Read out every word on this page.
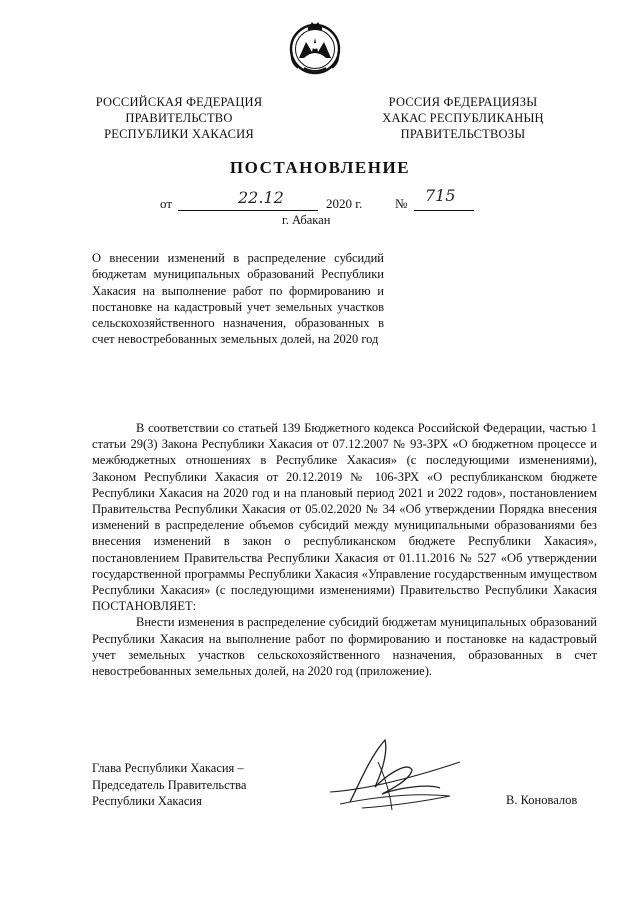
РОССИЙСКАЯ ФЕДЕРАЦИЯ
ПРАВИТЕЛЬСТВО
РЕСПУБЛИКИ ХАКАСИЯ
РОССИЯ ФЕДЕРАЦИЯЗЫ
ХАКАС РЕСПУБЛИКАНЫҢ
ПРАВИТЕЛЬСТВОЗЫ
ПОСТАНОВЛЕНИЕ
от	22.12	2020 г.	№ 715
г. Абакан
О внесении изменений в распределение субсидий бюджетам муниципальных образований Республики Хакасия на выполнение работ по формированию и постановке на кадастровый учет земельных участков сельскохозяйственного назначения, образованных в счет невостребованных земельных долей, на 2020 год

В соответствии со статьей 139 Бюджетного кодекса Российской Федерации, частью 1 статьи 29(3) Закона Республики Хакасия от 07.12.2007 № 93-ЗРХ «О бюджетном процессе и межбюджетных отношениях в Республике Хакасия» (с последующими изменениями), Законом Республики Хакасия от 20.12.2019 № 106-ЗРХ «О республиканском бюджете Республики Хакасия на 2020 год и на плановый период 2021 и 2022 годов», постановлением Правительства Республики Хакасия от 05.02.2020 № 34 «Об утверждении Порядка внесения изменений в распределение объемов субсидий между муниципальными образованиями без внесения изменений в закон о республиканском бюджете Республики Хакасия», постановлением Правительства Республики Хакасия от 01.11.2016 № 527 «Об утверждении государственной программы Республики Хакасия «Управление государственным имуществом Республики Хакасия» (с последующими изменениями) Правительство Республики Хакасия ПОСТАНОВЛЯЕТ:

Внести изменения в распределение субсидий бюджетам муниципальных образований Республики Хакасия на выполнение работ по формированию и постановке на кадастровый учет земельных участков сельскохозяйственного назначения, образованных в счет невостребованных земельных долей, на 2020 год (приложение).

Глава Республики Хакасия –
Председатель Правительства
Республики Хакасия	В. Коновалов
